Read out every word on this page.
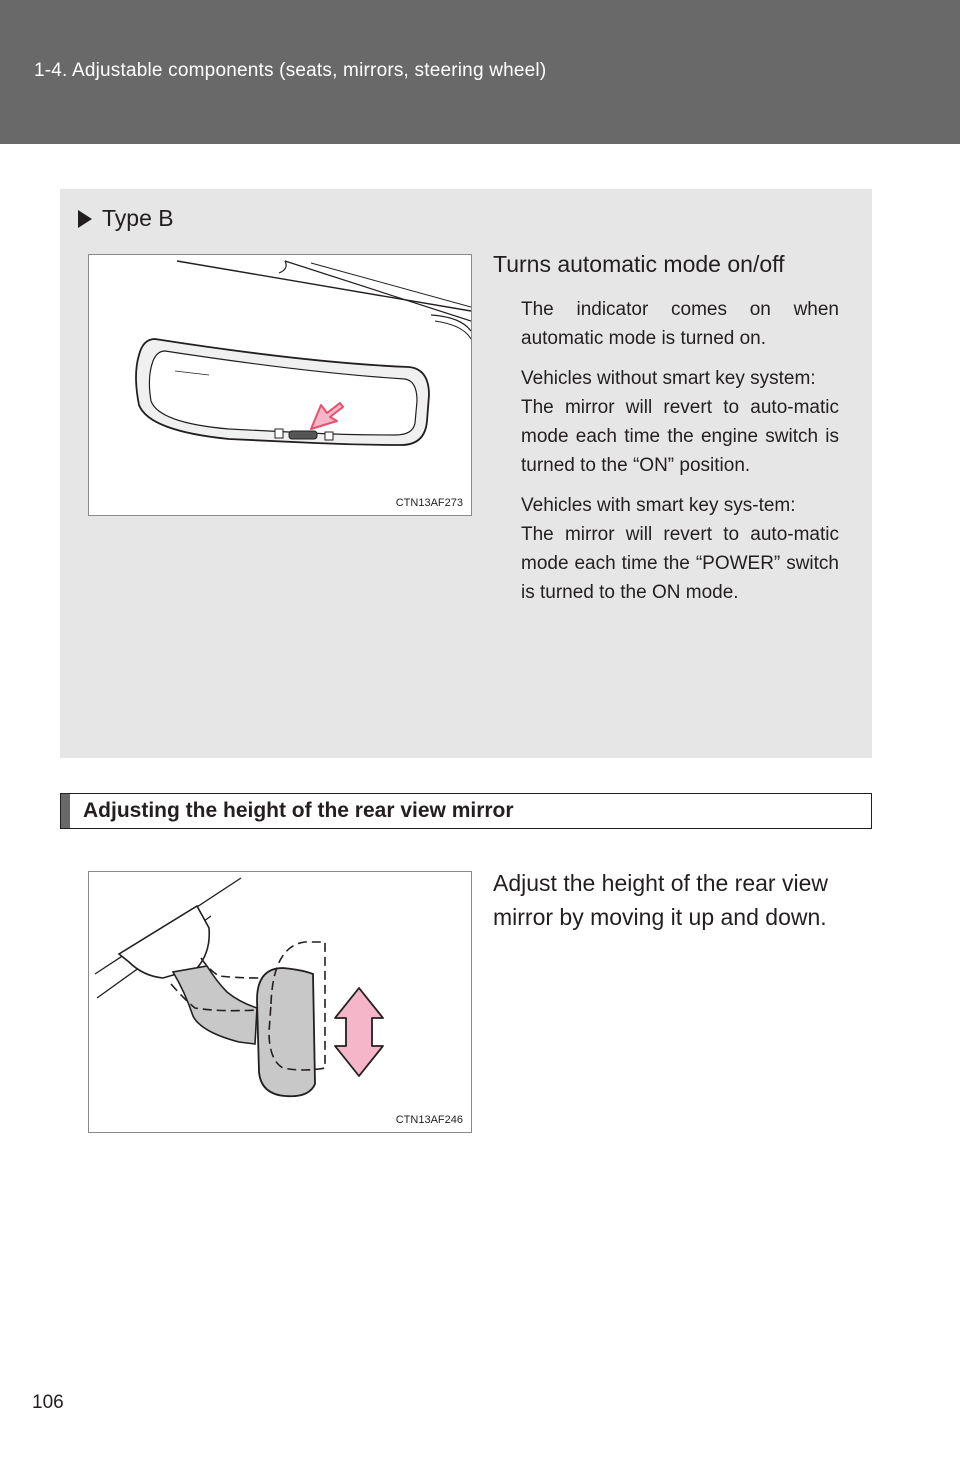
1-4. Adjustable components (seats, mirrors, steering wheel)
Type B
CTN13AF273
Turns automatic mode on/off
The indicator comes on when automatic mode is turned on.
Vehicles without smart key system:
The mirror will revert to auto-matic mode each time the engine switch is turned to the “ON” position.
Vehicles with smart key sys-tem:
The mirror will revert to auto-matic mode each time the “POWER” switch is turned to the ON mode.
Adjusting the height of the rear view mirror
CTN13AF246
Adjust the height of the rear view mirror by moving it up and down.
106
